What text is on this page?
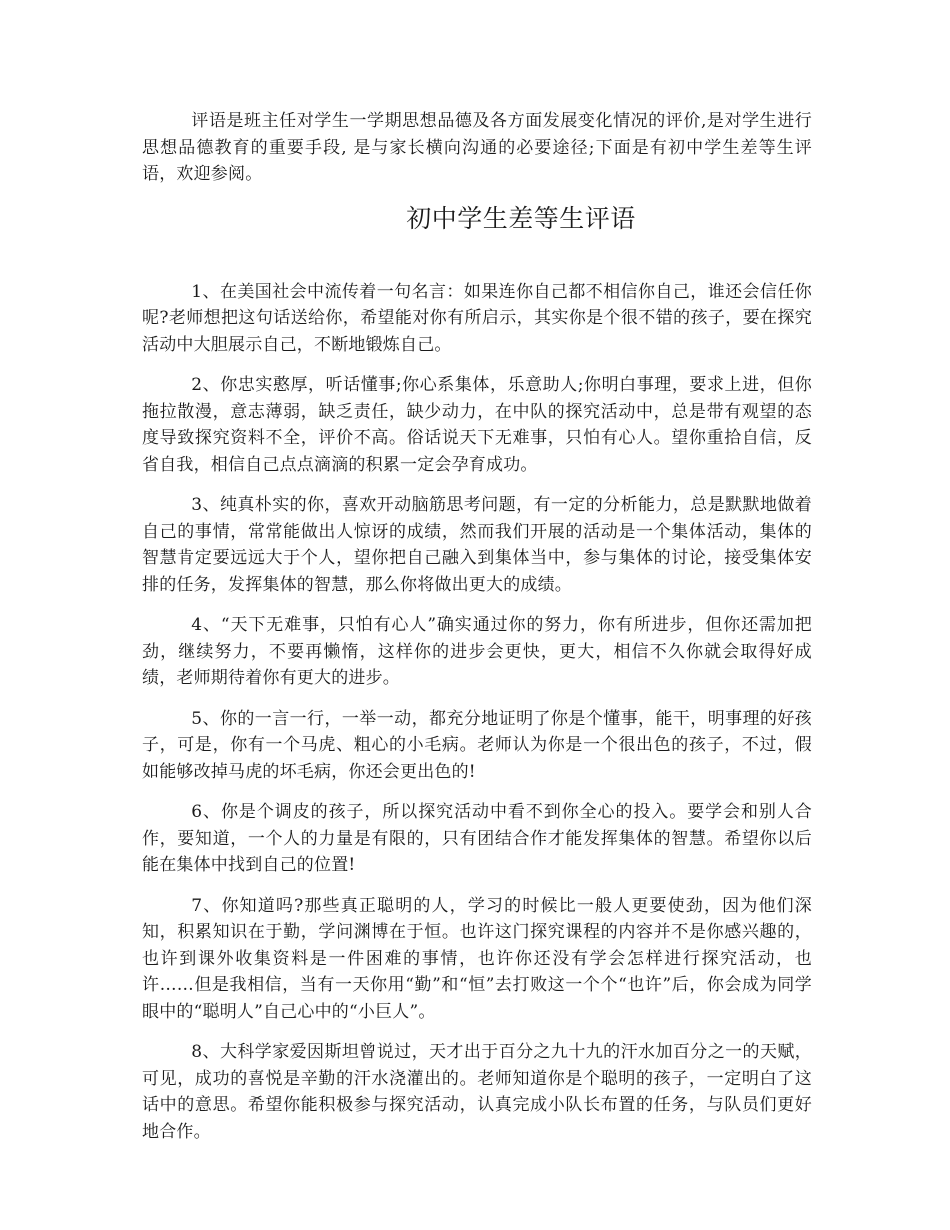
评语是班主任对学生一学期思想品德及各方面发展变化情况的评价,是对学生进行思想品德教育的重要手段, 是与家长横向沟通的必要途径;下面是有初中学生差等生评语，欢迎参阅。

初中学生差等生评语
1、在美国社会中流传着一句名言：如果连你自己都不相信你自己，谁还会信任你呢?老师想把这句话送给你，希望能对你有所启示，其实你是个很不错的孩子，要在探究活动中大胆展示自己，不断地锻炼自己。
2、你忠实憨厚，听话懂事;你心系集体，乐意助人;你明白事理，要求上进，但你拖拉散漫，意志薄弱，缺乏责任，缺少动力，在中队的探究活动中，总是带有观望的态度导致探究资料不全，评价不高。俗话说天下无难事，只怕有心人。望你重拾自信，反省自我，相信自己点点滴滴的积累一定会孕育成功。
3、纯真朴实的你，喜欢开动脑筋思考问题，有一定的分析能力，总是默默地做着自己的事情，常常能做出人惊讶的成绩，然而我们开展的活动是一个集体活动，集体的智慧肯定要远远大于个人，望你把自己融入到集体当中，参与集体的讨论，接受集体安排的任务，发挥集体的智慧，那么你将做出更大的成绩。
4、“天下无难事，只怕有心人”确实通过你的努力，你有所进步，但你还需加把劲，继续努力，不要再懒惰，这样你的进步会更快，更大，相信不久你就会取得好成绩，老师期待着你有更大的进步。
5、你的一言一行，一举一动，都充分地证明了你是个懂事，能干，明事理的好孩子，可是，你有一个马虎、粗心的小毛病。老师认为你是一个很出色的孩子，不过，假如能够改掉马虎的坏毛病，你还会更出色的!
6、你是个调皮的孩子，所以探究活动中看不到你全心的投入。要学会和别人合作，要知道，一个人的力量是有限的，只有团结合作才能发挥集体的智慧。希望你以后能在集体中找到自己的位置!
7、你知道吗?那些真正聪明的人，学习的时候比一般人更要使劲，因为他们深知，积累知识在于勤，学问渊博在于恒。也许这门探究课程的内容并不是你感兴趣的，也许到课外收集资料是一件困难的事情，也许你还没有学会怎样进行探究活动，也许……但是我相信，当有一天你用“勤”和“恒”去打败这一个个“也许”后，你会成为同学眼中的“聪明人”自己心中的“小巨人”。
8、大科学家爱因斯坦曾说过，天才出于百分之九十九的汗水加百分之一的天赋，可见，成功的喜悦是辛勤的汗水浇灌出的。老师知道你是个聪明的孩子，一定明白了这话中的意思。希望你能积极参与探究活动，认真完成小队长布置的任务，与队员们更好地合作。
